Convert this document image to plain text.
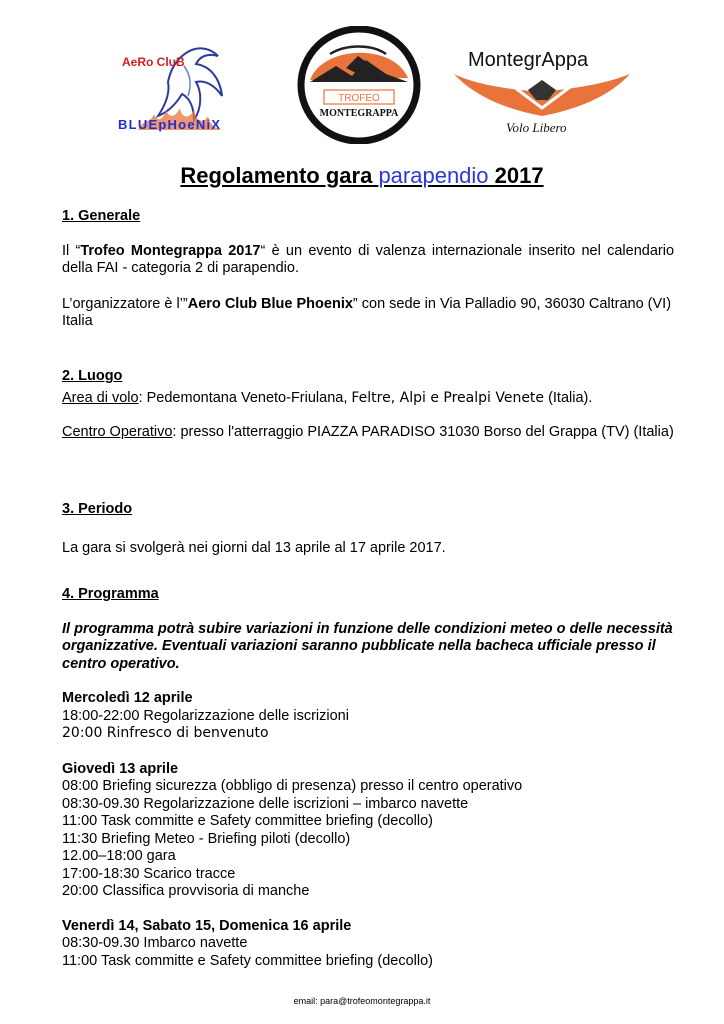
AeRo CluB
BLUEpHoeNiX
TROFEO
MONTEGRAPPA
MontegrAppa
Volo Libero
Regolamento gara parapendio 2017

1. Generale

Il “Trofeo Montegrappa 2017“ è un evento di valenza internazionale inserito nel calendario della FAI - categoria 2 di parapendio.

L’organizzatore è l’”Aero Club Blue Phoenix” con sede in Via Palladio 90, 36030 Caltrano (VI) Italia

2. Luogo

Area di volo: Pedemontana Veneto-Friulana, Feltre, Alpi e Prealpi Venete (Italia).

Centro Operativo: presso l'atterraggio PIAZZA PARADISO 31030 Borso del Grappa (TV) (Italia)

3. Periodo

La gara si svolgerà nei giorni dal 13 aprile al 17 aprile 2017.

4. Programma

Il programma potrà subire variazioni in funzione delle condizioni meteo o delle necessità organizzative. Eventuali variazioni saranno pubblicate nella bacheca ufficiale presso il centro operativo.

Mercoledì 12 aprile

18:00-22:00 Regolarizzazione delle iscrizioni

20:00 Rinfresco di benvenuto

Giovedì 13 aprile

08:00 Briefing sicurezza (obbligo di presenza) presso il centro operativo

08:30-09.30 Regolarizzazione delle iscrizioni – imbarco navette

11:00 Task committe e Safety committee briefing (decollo)

11:30 Briefing Meteo - Briefing piloti (decollo)

12.00–18:00 gara

17:00-18:30 Scarico tracce

20:00 Classifica provvisoria di manche

Venerdì 14, Sabato 15, Domenica 16 aprile

08:30-09.30 Imbarco navette

11:00 Task committe e Safety committee briefing (decollo)

email: para@trofeomontegrappa.it
